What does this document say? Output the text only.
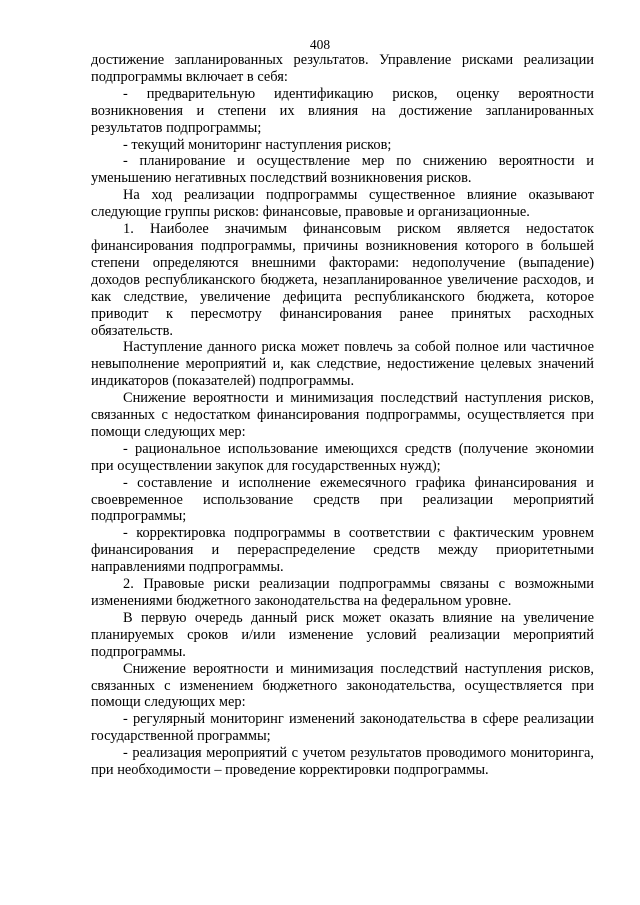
408

достижение запланированных результатов. Управление рисками реализации подпрограммы включает в себя:

- предварительную идентификацию рисков, оценку вероятности возникновения и степени их влияния на достижение запланированных результатов подпрограммы;

- текущий мониторинг наступления рисков;

- планирование и осуществление мер по снижению вероятности и уменьшению негативных последствий возникновения рисков.

На ход реализации подпрограммы существенное влияние оказывают следующие группы рисков: финансовые, правовые и организационные.

1. Наиболее значимым финансовым риском является недостаток финансирования подпрограммы, причины возникновения которого в большей степени определяются внешними факторами: недополучение (выпадение) доходов республиканского бюджета, незапланированное увеличение расходов, и как следствие, увеличение дефицита республиканского бюджета, которое приводит к пересмотру финансирования ранее принятых расходных обязательств.

Наступление данного риска может повлечь за собой полное или частичное невыполнение мероприятий и, как следствие, недостижение целевых значений индикаторов (показателей) подпрограммы.

Снижение вероятности и минимизация последствий наступления рисков, связанных с недостатком финансирования подпрограммы, осуществляется при помощи следующих мер:

- рациональное использование имеющихся средств (получение экономии при осуществлении закупок для государственных нужд);

- составление и исполнение ежемесячного графика финансирования и своевременное использование средств при реализации мероприятий подпрограммы;

- корректировка подпрограммы в соответствии с фактическим уровнем финансирования и перераспределение средств между приоритетными направлениями подпрограммы.

2. Правовые риски реализации подпрограммы связаны с возможными изменениями бюджетного законодательства на федеральном уровне.

В первую очередь данный риск может оказать влияние на увеличение планируемых сроков и/или изменение условий реализации мероприятий подпрограммы.

Снижение вероятности и минимизация последствий наступления рисков, связанных с изменением бюджетного законодательства, осуществляется при помощи следующих мер:

- регулярный мониторинг изменений законодательства в сфере реализации государственной программы;

- реализация мероприятий с учетом результатов проводимого мониторинга, при необходимости – проведение корректировки подпрограммы.
